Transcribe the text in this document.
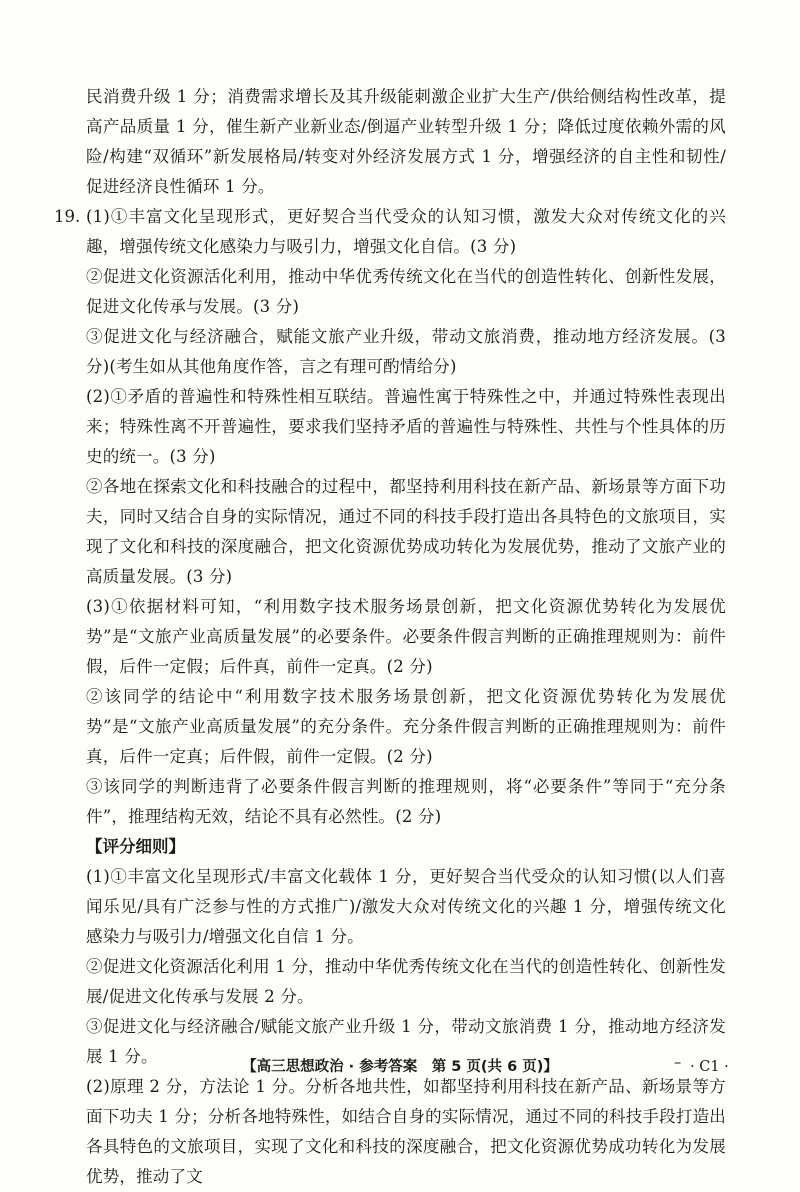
民消费升级 1 分；消费需求增长及其升级能刺激企业扩大生产/供给侧结构性改革，提高产品质量 1 分，催生新产业新业态/倒逼产业转型升级 1 分；降低过度依赖外需的风险/构建“双循环”新发展格局/转变对外经济发展方式 1 分，增强经济的自主性和韧性/促进经济良性循环 1 分。

19. (1)①丰富文化呈现形式，更好契合当代受众的认知习惯，激发大众对传统文化的兴趣，增强传统文化感染力与吸引力，增强文化自信。(3 分)

②促进文化资源活化利用，推动中华优秀传统文化在当代的创造性转化、创新性发展，促进文化传承与发展。(3 分)

③促进文化与经济融合，赋能文旅产业升级，带动文旅消费，推动地方经济发展。(3 分)(考生如从其他角度作答，言之有理可酌情给分)

(2)①矛盾的普遍性和特殊性相互联结。普遍性寓于特殊性之中，并通过特殊性表现出来；特殊性离不开普遍性，要求我们坚持矛盾的普遍性与特殊性、共性与个性具体的历史的统一。(3 分)

②各地在探索文化和科技融合的过程中，都坚持利用科技在新产品、新场景等方面下功夫，同时又结合自身的实际情况，通过不同的科技手段打造出各具特色的文旅项目，实现了文化和科技的深度融合，把文化资源优势成功转化为发展优势，推动了文旅产业的高质量发展。(3 分)

(3)①依据材料可知，“利用数字技术服务场景创新，把文化资源优势转化为发展优势”是“文旅产业高质量发展”的必要条件。必要条件假言判断的正确推理规则为：前件假，后件一定假；后件真，前件一定真。(2 分)

②该同学的结论中“利用数字技术服务场景创新，把文化资源优势转化为发展优势”是“文旅产业高质量发展”的充分条件。充分条件假言判断的正确推理规则为：前件真，后件一定真；后件假，前件一定假。(2 分)

③该同学的判断违背了必要条件假言判断的推理规则，将“必要条件”等同于“充分条件”，推理结构无效，结论不具有必然性。(2 分)

【评分细则】

(1)①丰富文化呈现形式/丰富文化载体 1 分，更好契合当代受众的认知习惯(以人们喜闻乐见/具有广泛参与性的方式推广)/激发大众对传统文化的兴趣 1 分，增强传统文化感染力与吸引力/增强文化自信 1 分。

②促进文化资源活化利用 1 分，推动中华优秀传统文化在当代的创造性转化、创新性发展/促进文化传承与发展 2 分。

③促进文化与经济融合/赋能文旅产业升级 1 分，带动文旅消费 1 分，推动地方经济发展 1 分。

(2)原理 2 分，方法论 1 分。分析各地共性，如都坚持利用科技在新产品、新场景等方面下功夫 1 分；分析各地特殊性，如结合自身的实际情况，通过不同的科技手段打造出各具特色的文旅项目，实现了文化和科技的深度融合，把文化资源优势成功转化为发展优势，推动了文

【高三思想政治 · 参考答案　第 5 页(共 6 页)】	– · C1 ·
